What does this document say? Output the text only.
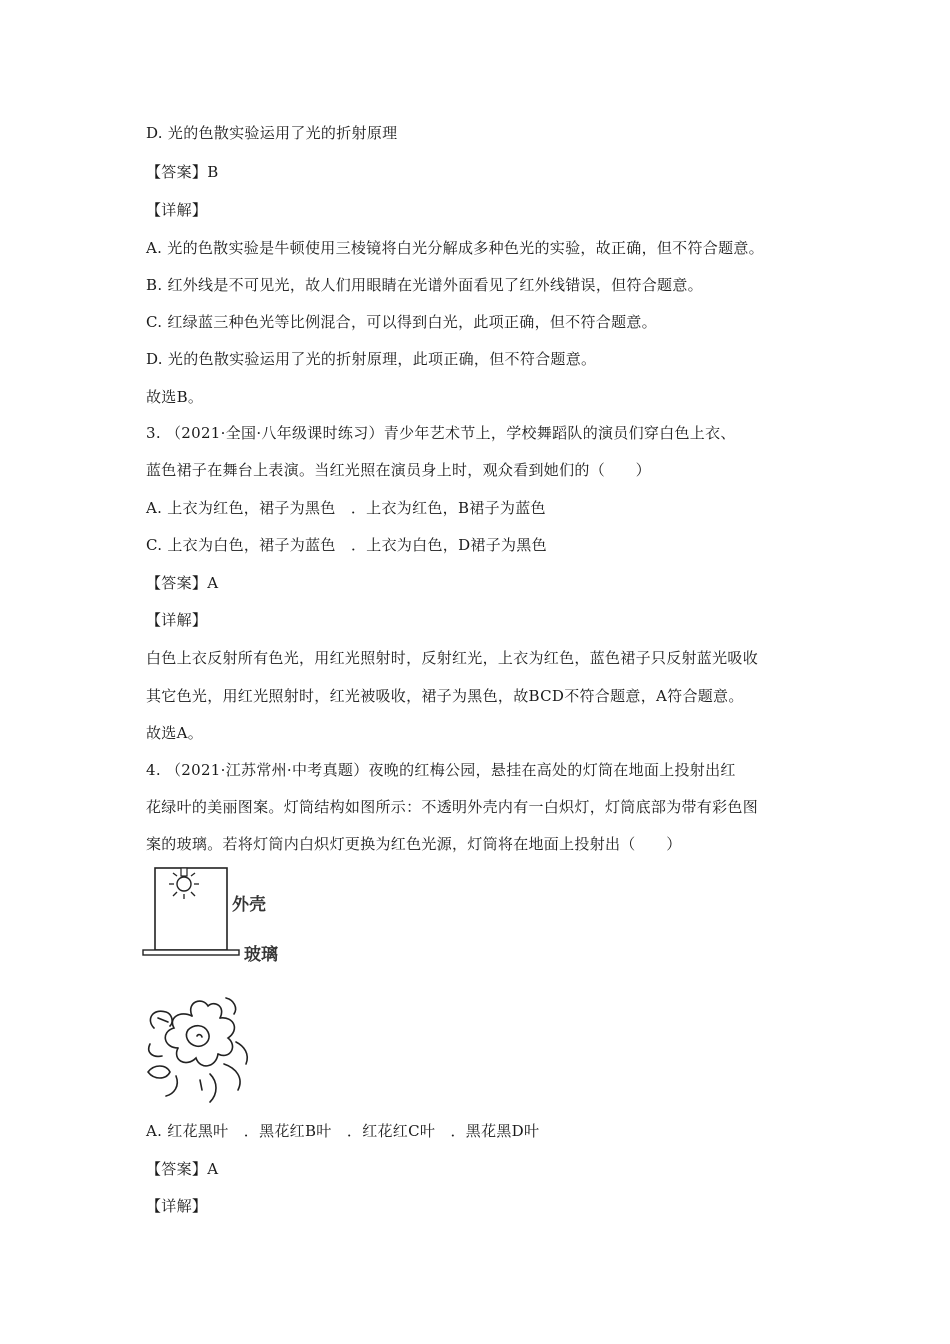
D. 光的色散实验运用了光的折射原理
【答案】B
【详解】
A. 光的色散实验是牛顿使用三棱镜将白光分解成多种色光的实验，故正确，但不符合题意。
B. 红外线是不可见光，故人们用眼睛在光谱外面看见了红外线错误，但符合题意。
C. 红绿蓝三种色光等比例混合，可以得到白光，此项正确，但不符合题意。
D. 光的色散实验运用了光的折射原理，此项正确，但不符合题意。
故选B。
3. （2021·全国·八年级课时练习）青少年艺术节上，学校舞蹈队的演员们穿白色上衣、
蓝色裙子在舞台上表演。当红光照在演员身上时，观众看到她们的（　　）
A. 上衣为红色，裙子为黑色　．上衣为红色，B裙子为蓝色
C. 上衣为白色，裙子为蓝色　．上衣为白色，D裙子为黑色
【答案】A
【详解】
白色上衣反射所有色光，用红光照射时，反射红光，上衣为红色，蓝色裙子只反射蓝光吸收
其它色光，用红光照射时，红光被吸收，裙子为黑色，故BCD不符合题意，A符合题意。
故选A。
4. （2021·江苏常州·中考真题）夜晚的红梅公园，悬挂在高处的灯筒在地面上投射出红
花绿叶的美丽图案。灯筒结构如图所示：不透明外壳内有一白炽灯，灯筒底部为带有彩色图
案的玻璃。若将灯筒内白炽灯更换为红色光源，灯筒将在地面上投射出（　　）
外壳
玻璃
A. 红花黑叶　．黑花红B叶　．红花红C叶　．黑花黑D叶
【答案】A
【详解】
